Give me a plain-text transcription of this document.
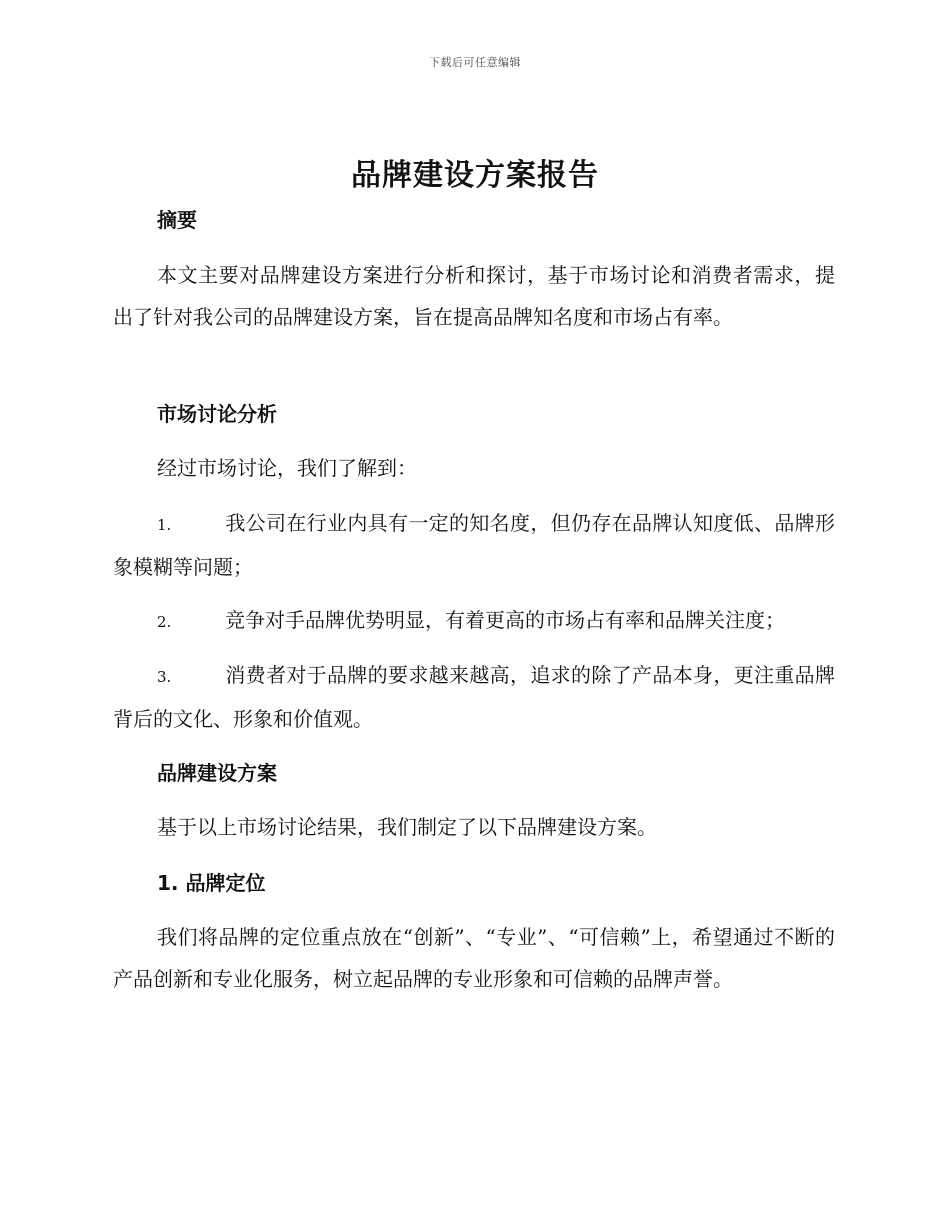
下载后可任意编辑
品牌建设方案报告
摘要
本文主要对品牌建设方案进行分析和探讨，基于市场讨论和消费者需求，提出了针对我公司的品牌建设方案，旨在提高品牌知名度和市场占有率。
市场讨论分析
经过市场讨论，我们了解到：
1.	我公司在行业内具有一定的知名度，但仍存在品牌认知度低、品牌形象模糊等问题；
2.	竞争对手品牌优势明显，有着更高的市场占有率和品牌关注度；
3.	消费者对于品牌的要求越来越高，追求的除了产品本身，更注重品牌背后的文化、形象和价值观。
品牌建设方案
基于以上市场讨论结果，我们制定了以下品牌建设方案。
1. 品牌定位
我们将品牌的定位重点放在“创新”、“专业”、“可信赖”上，希望通过不断的产品创新和专业化服务，树立起品牌的专业形象和可信赖的品牌声誉。
